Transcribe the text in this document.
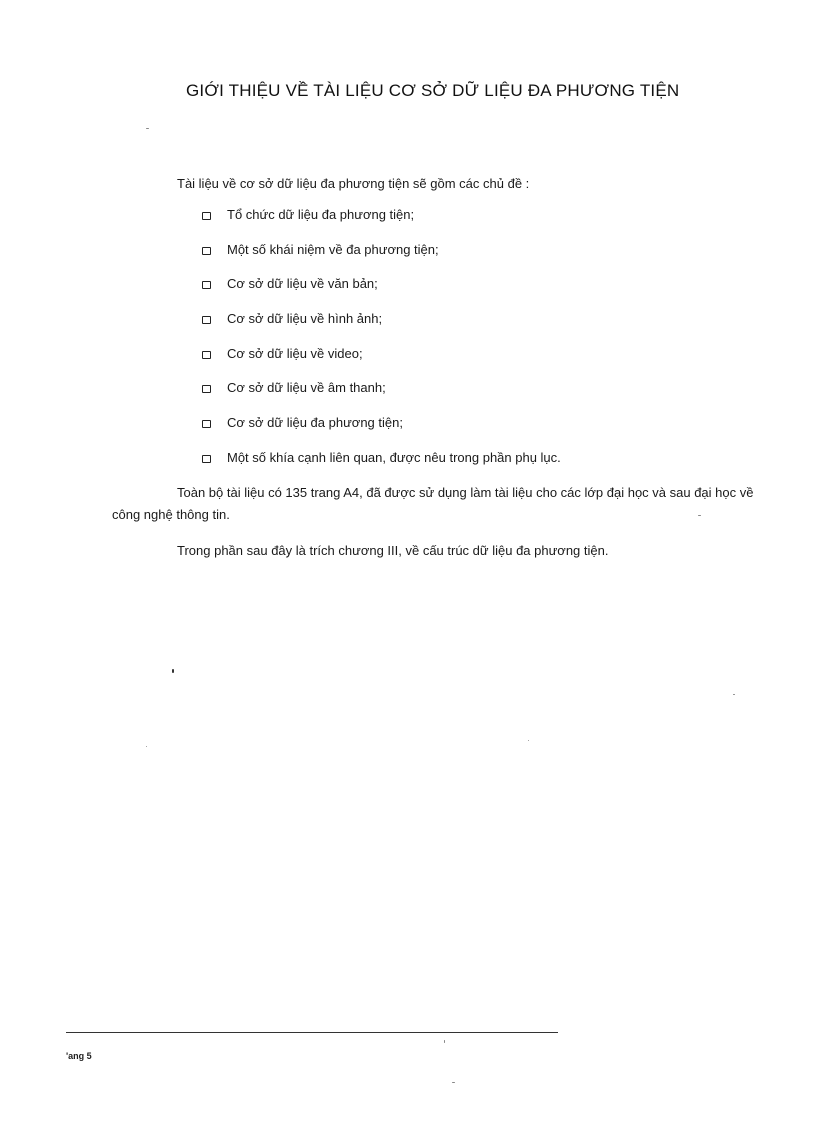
GIỚI THIỆU VỀ TÀI LIỆU CƠ SỞ DỮ LIỆU ĐA PHƯƠNG TIỆN

Tài liệu về cơ sở dữ liệu đa phương tiện sẽ gồm các chủ đề :

Tổ chức dữ liệu đa phương tiện;
Một số khái niệm về đa phương tiện;
Cơ sở dữ liệu về văn bản;
Cơ sở dữ liệu về hình ảnh;
Cơ sở dữ liệu về video;
Cơ sở dữ liệu về âm thanh;
Cơ sở dữ liệu đa phương tiện;
Một số khía cạnh liên quan, được nêu trong phần phụ lục.

Toàn bộ tài liệu có 135 trang A4, đã được sử dụng làm tài liệu cho các lớp đại học và sau đại học về công nghệ thông tin.

Trong phần sau đây là trích chương III, về cấu trúc dữ liệu đa phương tiện.

'ang 5
